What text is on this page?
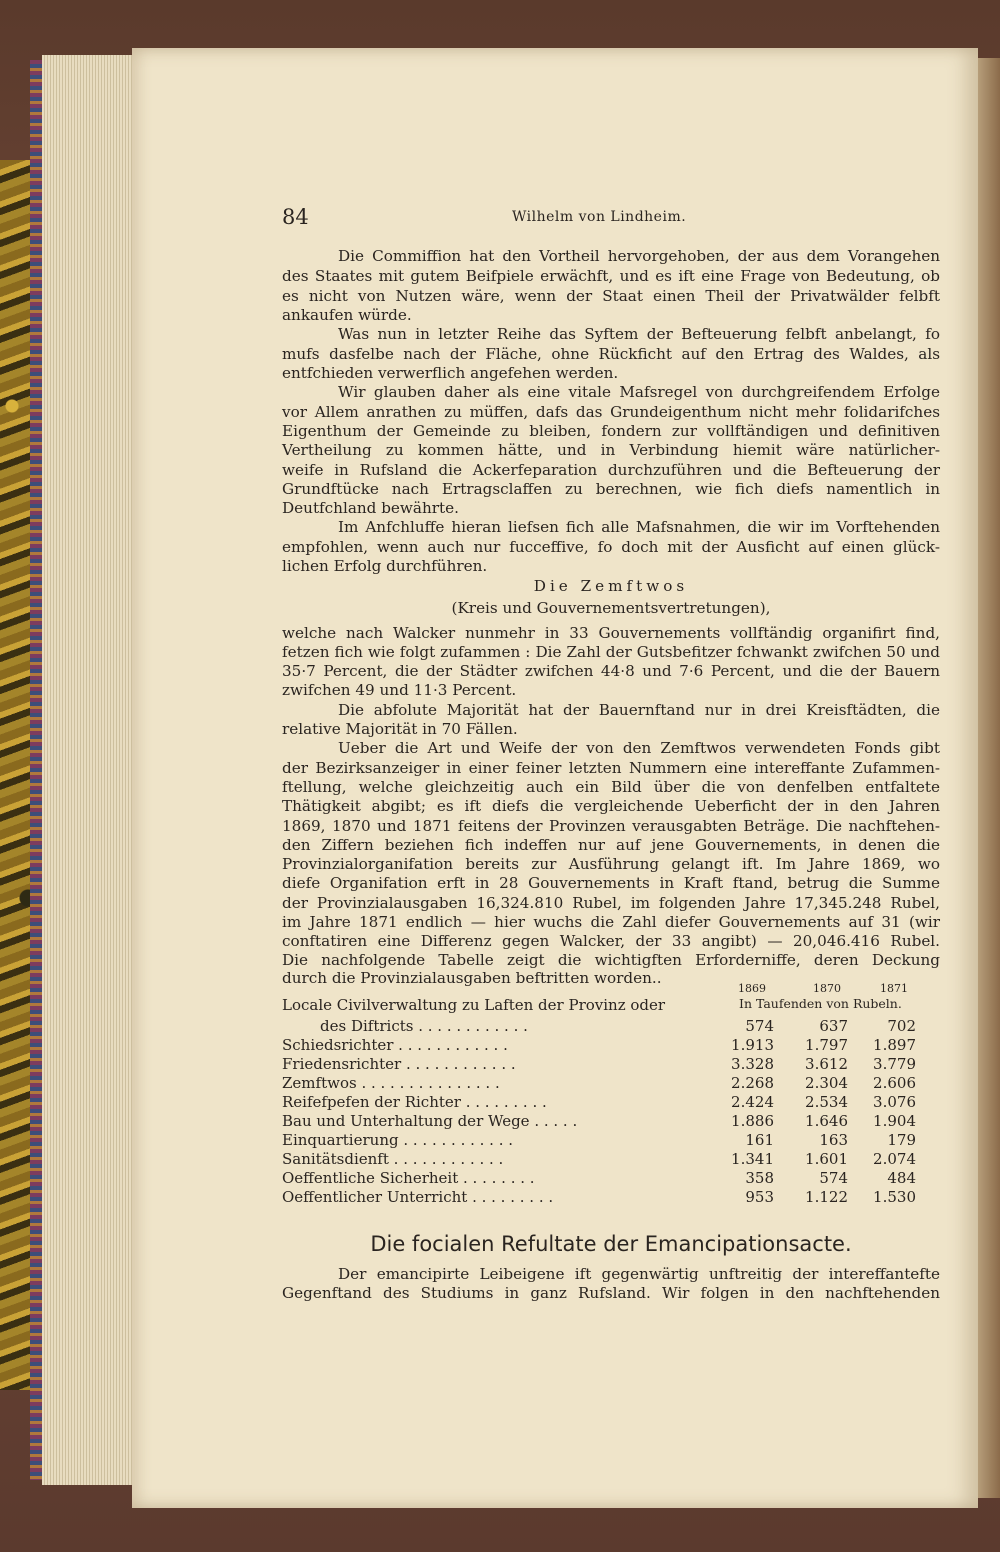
84	Wilhelm von Lindheim.
Die Commiffion hat den Vortheil hervorgehoben, der aus dem Vorangehen
des Staates mit gutem Beifpiele erwächft, und es ift eine Frage von Bedeutung, ob
es nicht von Nutzen wäre, wenn der Staat einen Theil der Privatwälder felbft
ankaufen würde.
Was nun in letzter Reihe das Syftem der Befteuerung felbft anbelangt, fo
mufs dasfelbe nach der Fläche, ohne Rückficht auf den Ertrag des Waldes, als
entfchieden verwerflich angefehen werden.
Wir glauben daher als eine vitale Mafsregel von durchgreifendem Erfolge
vor Allem anrathen zu müffen, dafs das Grundeigenthum nicht mehr folidarifches
Eigenthum der Gemeinde zu bleiben, fondern zur vollftändigen und definitiven
Vertheilung zu kommen hätte, und in Verbindung hiemit wäre natürlicher-
weife in Rufsland die Ackerfeparation durchzuführen und die Befteuerung der
Grundftücke nach Ertragsclaffen zu berechnen, wie fich diefs namentlich in
Deutfchland bewährte.
Im Anfchluffe hieran liefsen fich alle Mafsnahmen, die wir im Vorftehenden
empfohlen, wenn auch nur fucceffive, fo doch mit der Ausficht auf einen glück-
lichen Erfolg durchführen.
Die Zemftwos
(Kreis und Gouvernementsvertretungen),
welche nach Walcker nunmehr in 33 Gouvernements vollftändig organifirt find,
fetzen fich wie folgt zufammen : Die Zahl der Gutsbefitzer fchwankt zwifchen 50 und
35·7 Percent, die der Städter zwifchen 44·8 und 7·6 Percent, und die der Bauern
zwifchen 49 und 11·3 Percent.
Die abfolute Majorität hat der Bauernftand nur in drei Kreisftädten, die
relative Majorität in 70 Fällen.
Ueber die Art und Weife der von den Zemftwos verwendeten Fonds gibt
der Bezirksanzeiger in einer feiner letzten Nummern eine intereffante Zufammen-
ftellung, welche gleichzeitig auch ein Bild über die von denfelben entfaltete
Thätigkeit abgibt; es ift diefs die vergleichende Ueberficht der in den Jahren
1869, 1870 und 1871 feitens der Provinzen verausgabten Beträge. Die nachftehen-
den Ziffern beziehen fich indeffen nur auf jene Gouvernements, in denen die
Provinzialorganifation bereits zur Ausführung gelangt ift. Im Jahre 1869, wo
diefe Organifation erft in 28 Gouvernements in Kraft ftand, betrug die Summe
der Provinzialausgaben 16,324.810 Rubel, im folgenden Jahre 17,345.248 Rubel,
im Jahre 1871 endlich — hier wuchs die Zahl diefer Gouvernements auf 31 (wir
conftatiren eine Differenz gegen Walcker, der 33 angibt) — 20,046.416 Rubel.
Die nachfolgende Tabelle zeigt die wichtigften Erforderniffe, deren Deckung
durch die Provinzialausgaben beftritten worden..
1869	1870	1871
In Taufenden von Rubeln.
Locale Civilverwaltung zu Laften der Provinz oder
des Diftricts . . . . . . . . . . . .	574	637	702
Schiedsrichter . . . . . . . . . . . .	1.913	1.797	1.897
Friedensrichter . . . . . . . . . . . .	3.328	3.612	3.779
Zemftwos . . . . . . . . . . . . . . .	2.268	2.304	2.606
Reifefpefen der Richter . . . . . . . . .	2.424	2.534	3.076
Bau und Unterhaltung der Wege . . . . .	1.886	1.646	1.904
Einquartierung . . . . . . . . . . . .	161	163	179
Sanitätsdienft . . . . . . . . . . . .	1.341	1.601	2.074
Oeffentliche Sicherheit . . . . . . . .	358	574	484
Oeffentlicher Unterricht . . . . . . . . .	953	1.122	1.530
Die focialen Refultate der Emancipationsacte.
Der emancipirte Leibeigene ift gegenwärtig unftreitig der intereffantefte
Gegenftand des Studiums in ganz Rufsland. Wir folgen in den nachftehenden
